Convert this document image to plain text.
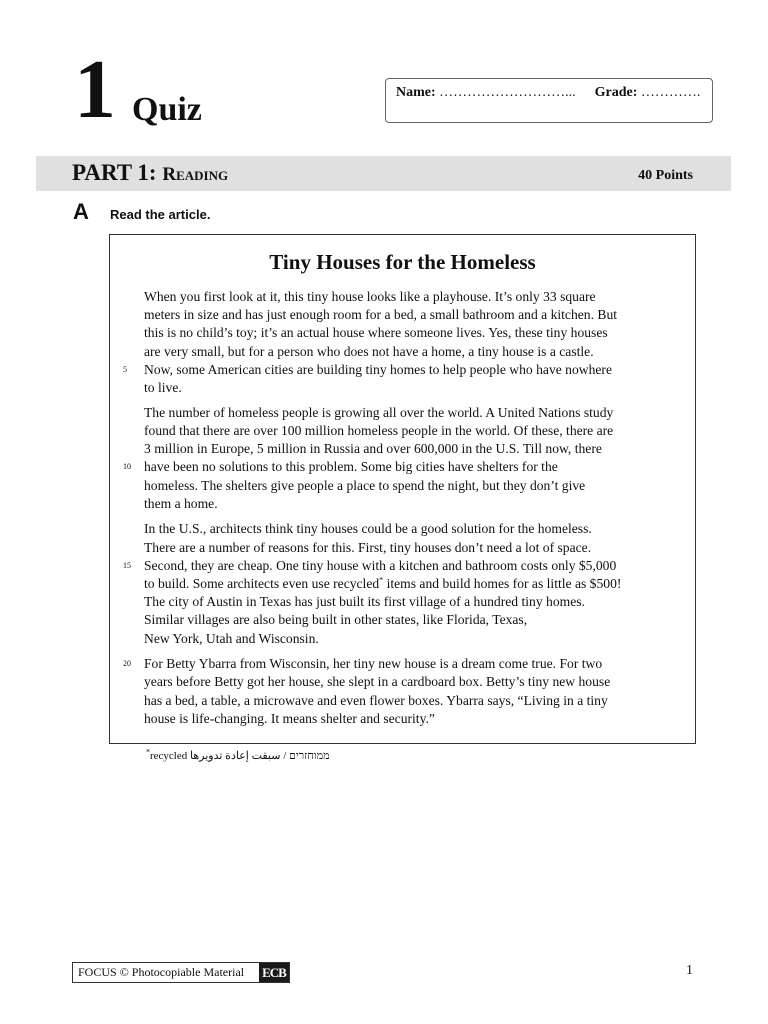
1 Quiz	Name: ………………………... Grade: ………….
PART 1: Reading	40 Points
A Read the article.
Tiny Houses for the Homeless
When you first look at it, this tiny house looks like a playhouse. It’s only 33 square
meters in size and has just enough room for a bed, a small bathroom and a kitchen. But
this is no child’s toy; it’s an actual house where someone lives. Yes, these tiny houses
are very small, but for a person who does not have a home, a tiny house is a castle.
5 Now, some American cities are building tiny homes to help people who have nowhere
to live.
The number of homeless people is growing all over the world. A United Nations study
found that there are over 100 million homeless people in the world. Of these, there are
3 million in Europe, 5 million in Russia and over 600,000 in the U.S. Till now, there
10 have been no solutions to this problem. Some big cities have shelters for the
homeless. The shelters give people a place to spend the night, but they don’t give
them a home.
In the U.S., architects think tiny houses could be a good solution for the homeless.
There are a number of reasons for this. First, tiny houses don’t need a lot of space.
15 Second, they are cheap. One tiny house with a kitchen and bathroom costs only $5,000
to build. Some architects even use recycled* items and build homes for as little as $500!
The city of Austin in Texas has just built its first village of a hundred tiny homes.
Similar villages are also being built in other states, like Florida, Texas,
New York, Utah and Wisconsin.
20 For Betty Ybarra from Wisconsin, her tiny new house is a dream come true. For two
years before Betty got her house, she slept in a cardboard box. Betty’s tiny new house
has a bed, a table, a microwave and even flower boxes. Ybarra says, “Living in a tiny
house is life-changing. It means shelter and security.”
*recycled ממוחזרים / سبقت إعادة تدويرها
FOCUS © Photocopiable Material ECB	1
